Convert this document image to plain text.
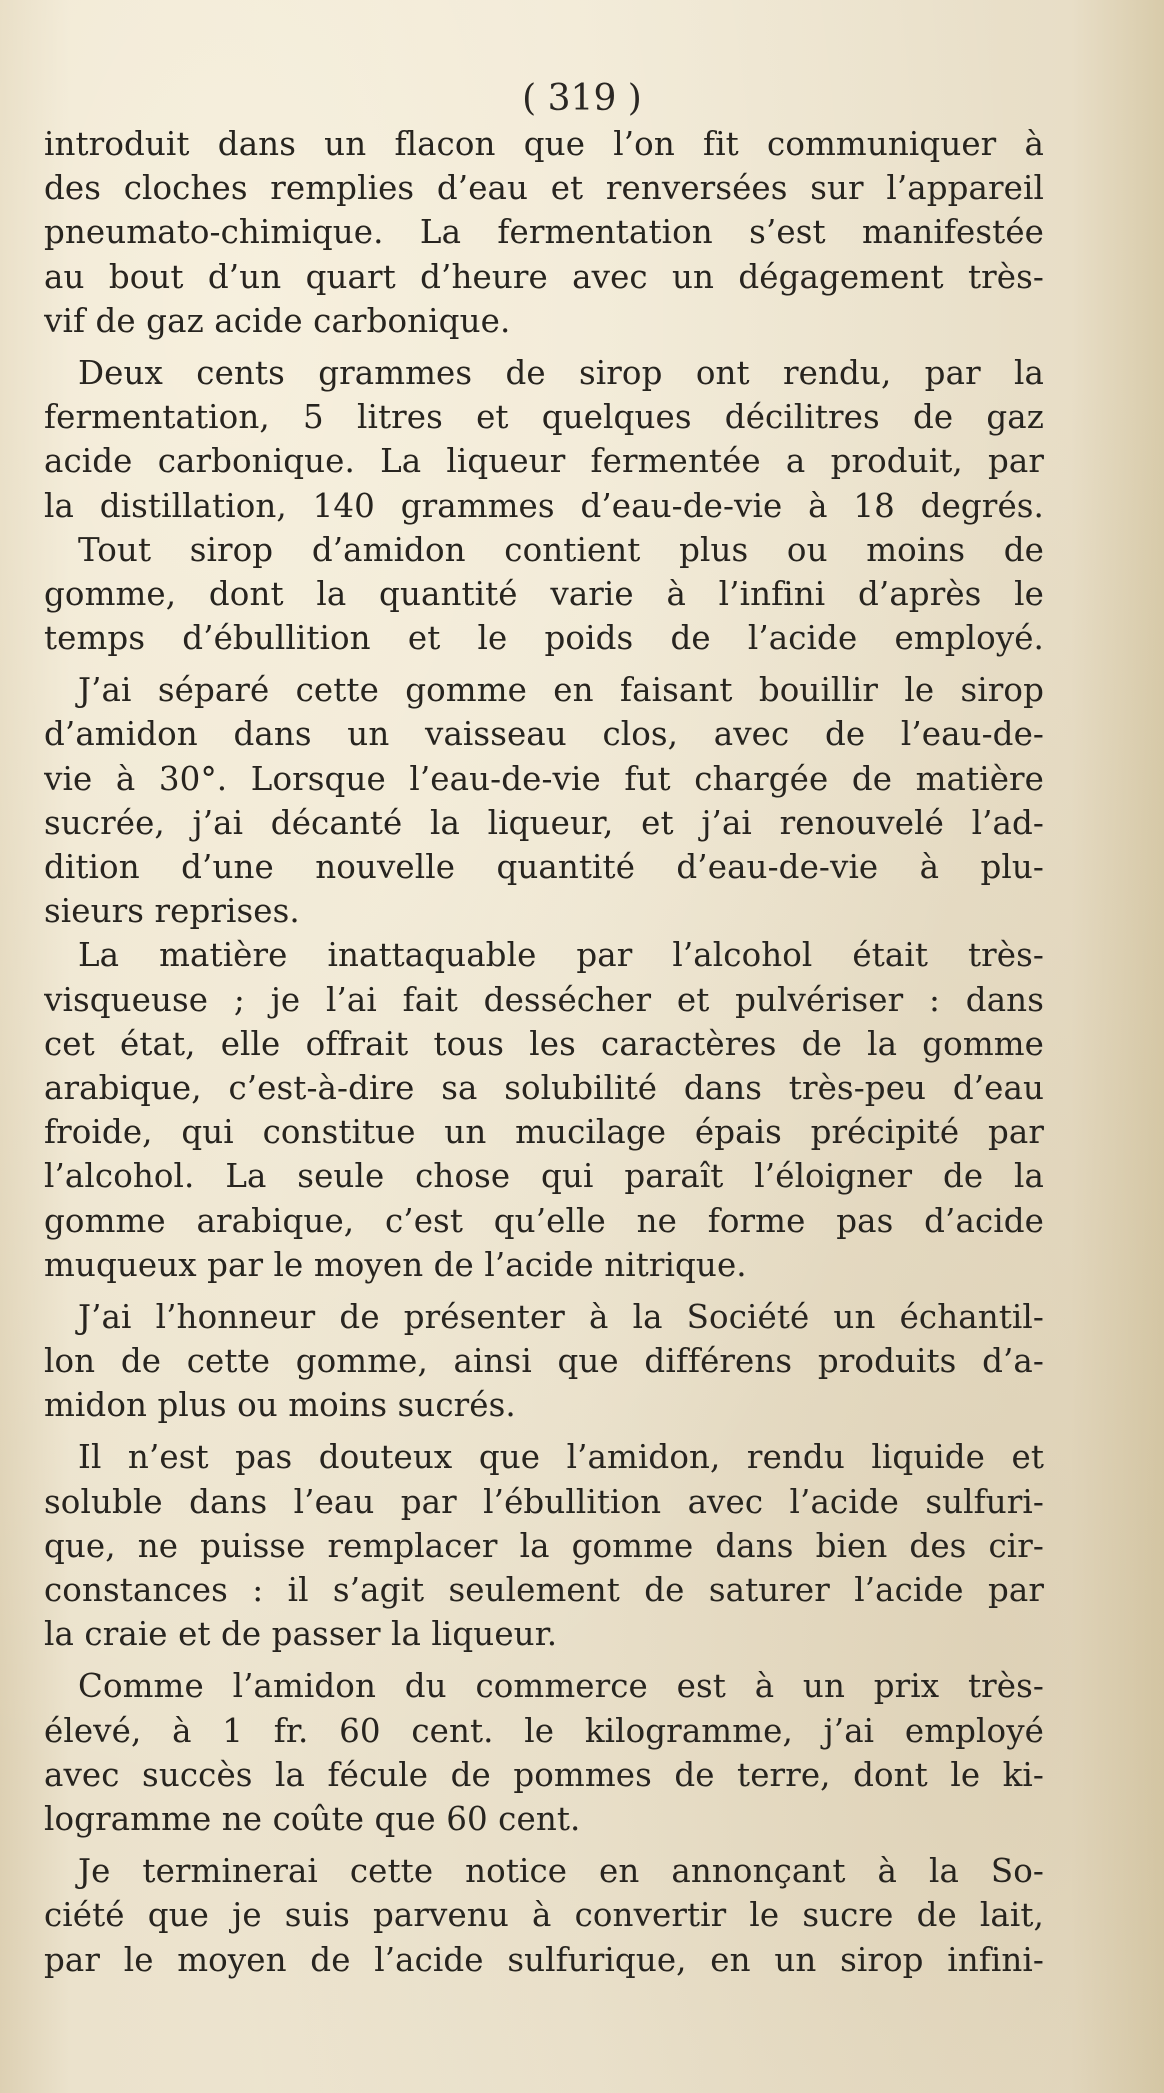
( 319 )
introduit dans un flacon que l’on fit communiquer à
des cloches remplies d’eau et renversées sur l’appareil
pneumato-chimique. La fermentation s’est manifestée
au bout d’un quart d’heure avec un dégagement très-
vif de gaz acide carbonique.
Deux cents grammes de sirop ont rendu, par la
fermentation, 5 litres et quelques décilitres de gaz
acide carbonique. La liqueur fermentée a produit, par
la distillation, 140 grammes d’eau-de-vie à 18 degrés.
Tout sirop d’amidon contient plus ou moins de
gomme, dont la quantité varie à l’infini d’après le
temps d’ébullition et le poids de l’acide employé.
J’ai séparé cette gomme en faisant bouillir le sirop
d’amidon dans un vaisseau clos, avec de l’eau-de-
vie à 30°. Lorsque l’eau-de-vie fut chargée de matière
sucrée, j’ai décanté la liqueur, et j’ai renouvelé l’ad-
dition d’une nouvelle quantité d’eau-de-vie à plu-
sieurs reprises.
La matière inattaquable par l’alcohol était très-
visqueuse ; je l’ai fait dessécher et pulvériser : dans
cet état, elle offrait tous les caractères de la gomme
arabique, c’est-à-dire sa solubilité dans très-peu d’eau
froide, qui constitue un mucilage épais précipité par
l’alcohol. La seule chose qui paraît l’éloigner de la
gomme arabique, c’est qu’elle ne forme pas d’acide
muqueux par le moyen de l’acide nitrique.
J’ai l’honneur de présenter à la Société un échantil-
lon de cette gomme, ainsi que différens produits d’a-
midon plus ou moins sucrés.
Il n’est pas douteux que l’amidon, rendu liquide et
soluble dans l’eau par l’ébullition avec l’acide sulfuri-
que, ne puisse remplacer la gomme dans bien des cir-
constances : il s’agit seulement de saturer l’acide par
la craie et de passer la liqueur.
Comme l’amidon du commerce est à un prix très-
élevé, à 1 fr. 60 cent. le kilogramme, j’ai employé
avec succès la fécule de pommes de terre, dont le ki-
logramme ne coûte que 60 cent.
Je terminerai cette notice en annonçant à la So-
ciété que je suis parvenu à convertir le sucre de lait,
par le moyen de l’acide sulfurique, en un sirop infini-
